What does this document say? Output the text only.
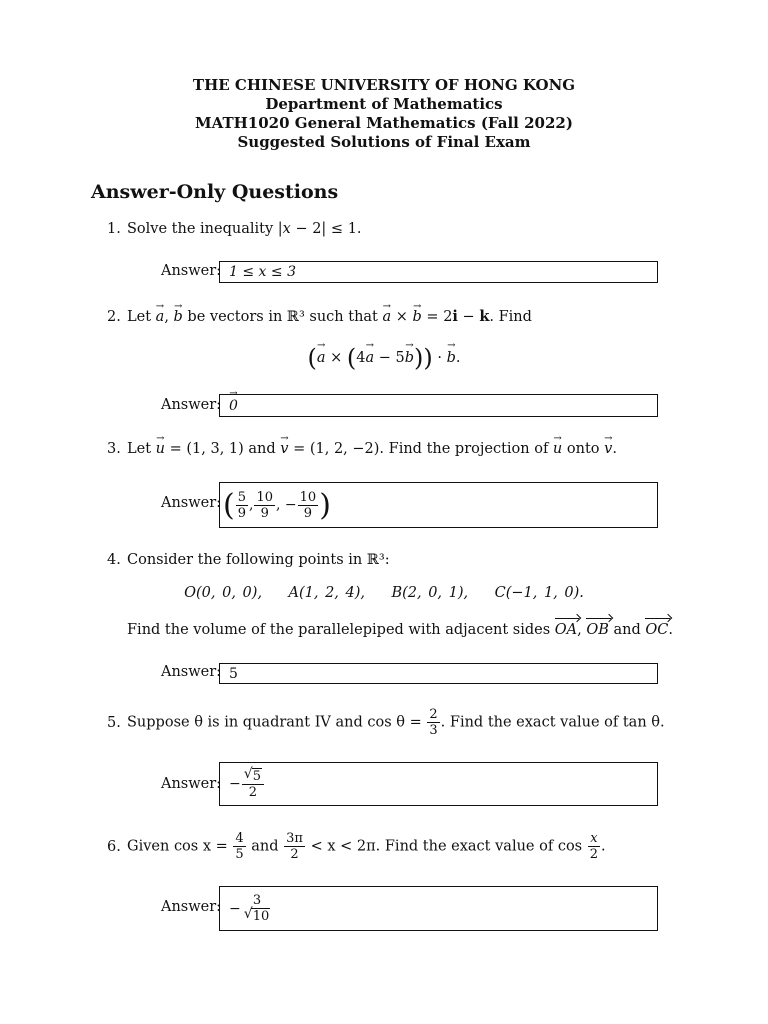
THE CHINESE UNIVERSITY OF HONG KONG
Department of Mathematics
MATH1020 General Mathematics (Fall 2022)
Suggested Solutions of Final Exam
Answer-Only Questions
1. Solve the inequality |x − 2| ≤ 1.
Answer: 1 ≤ x ≤ 3
2. Let → a, → b be vectors in ℝ³ such that → a × → b = 2i − k. Find
(→ a × (4→ a − 5→ b)) · → b.
Answer:
→ 0
3. Let → u = (1, 3, 1) and → v = (1, 2, −2). Find the projection of → u onto → v.
Answer: ( $\frac{5}{9}$ , $\frac{10}{9}$ , − $\frac{10}{9}$ )
4. Consider the following points in ℝ³:
O(0, 0, 0), A(1, 2, 4), B(2, 0, 1), C(−1, 1, 0).
Find the volume of the parallelepiped with adjacent sides OA, OB and OC.
Answer: 5
5. Suppose θ is in quadrant IV and $\cos \theta = \frac{2}{3}$ . Find the exact value of tan θ.
Answer: − $\frac{√ 5}{2}$
6. Given $\cos x = \frac{4}{5}$ and $\frac{3\pi}{2} < x < 2\pi$. Find the exact value of $\cos \frac{x}{2}$ .
Answer: − $\frac{3}{√ 10}$
